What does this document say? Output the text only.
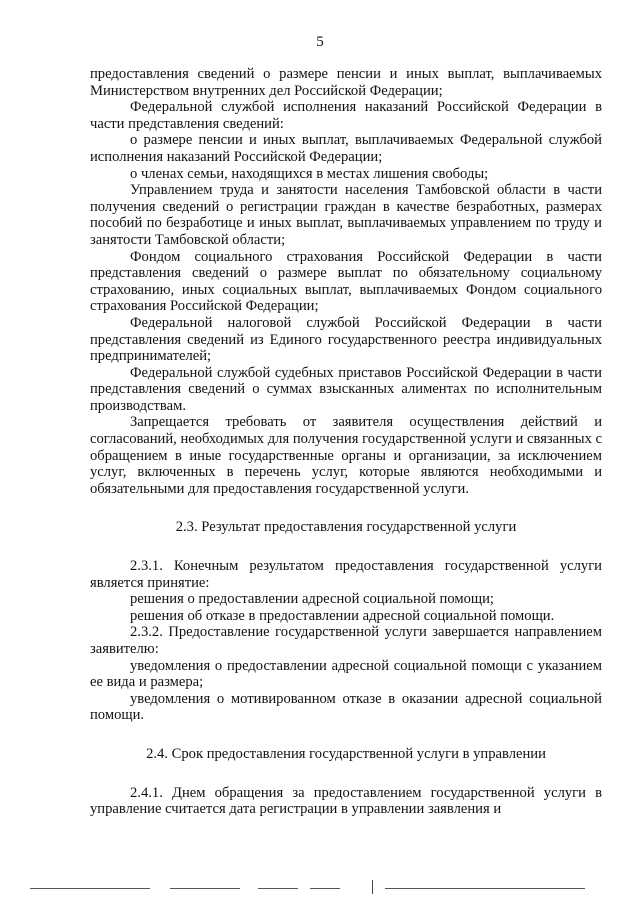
5

предоставления сведений о размере пенсии и иных выплат, выплачиваемых Министерством внутренних дел Российской Федерации;

Федеральной службой исполнения наказаний Российской Федерации в части представления сведений:

о размере пенсии и иных выплат, выплачиваемых Федеральной службой исполнения наказаний Российской Федерации;

о членах семьи, находящихся в местах лишения свободы;

Управлением труда и занятости населения Тамбовской области в части получения сведений о регистрации граждан в качестве безработных, размерах пособий по безработице и иных выплат, выплачиваемых управлением по труду и занятости Тамбовской области;

Фондом социального страхования Российской Федерации в части представления сведений о размере выплат по обязательному социальному страхованию, иных социальных выплат, выплачиваемых Фондом социального страхования Российской Федерации;

Федеральной налоговой службой Российской Федерации в части представления сведений из Единого государственного реестра индивидуальных предпринимателей;

Федеральной службой судебных приставов Российской Федерации в части представления сведений о суммах взысканных алиментах по исполнительным производствам.

Запрещается требовать от заявителя осуществления действий и согласований, необходимых для получения государственной услуги и связанных с обращением в иные государственные органы и организации, за исключением услуг, включенных в перечень услуг, которые являются необходимыми и обязательными для предоставления государственной услуги.

2.3. Результат предоставления государственной услуги

2.3.1. Конечным результатом предоставления государственной услуги является принятие:

решения о предоставлении адресной социальной помощи;

решения об отказе в предоставлении адресной социальной помощи.

2.3.2. Предоставление государственной услуги завершается направлением заявителю:

уведомления о предоставлении адресной социальной помощи с указанием ее вида и размера;

уведомления о мотивированном отказе в оказании адресной социальной помощи.

2.4. Срок предоставления государственной услуги в управлении

2.4.1. Днем обращения за предоставлением государственной услуги в управление считается дата регистрации в управлении заявления и
